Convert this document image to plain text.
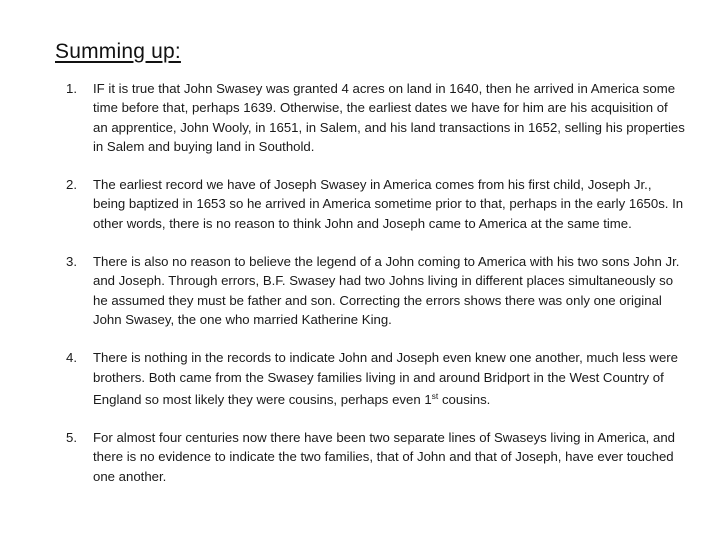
Summing up:
1.	IF it is true that John Swasey was granted 4 acres on land in 1640, then he arrived in America some time before that, perhaps 1639. Otherwise, the earliest dates we have for him are his acquisition of an apprentice, John Wooly, in 1651, in Salem, and his land transactions in 1652, selling his properties in Salem and buying land in Southold.
2.	The earliest record we have of Joseph Swasey in America comes from his first child, Joseph Jr., being baptized in 1653 so he arrived in America sometime prior to that, perhaps in the early 1650s. In other words, there is no reason to think John and Joseph came to America at the same time.
3.	There is also no reason to believe the legend of a John coming to America with his two sons John Jr. and Joseph. Through errors, B.F. Swasey had two Johns living in different places simultaneously so he assumed they must be father and son. Correcting the errors shows there was only one original John Swasey, the one who married Katherine King.
4.	There is nothing in the records to indicate John and Joseph even knew one another, much less were brothers. Both came from the Swasey families living in and around Bridport in the West Country of England so most likely they were cousins, perhaps even 1st cousins.
5.	For almost four centuries now there have been two separate lines of Swaseys living in America, and there is no evidence to indicate the two families, that of John and that of Joseph, have ever touched one another.
